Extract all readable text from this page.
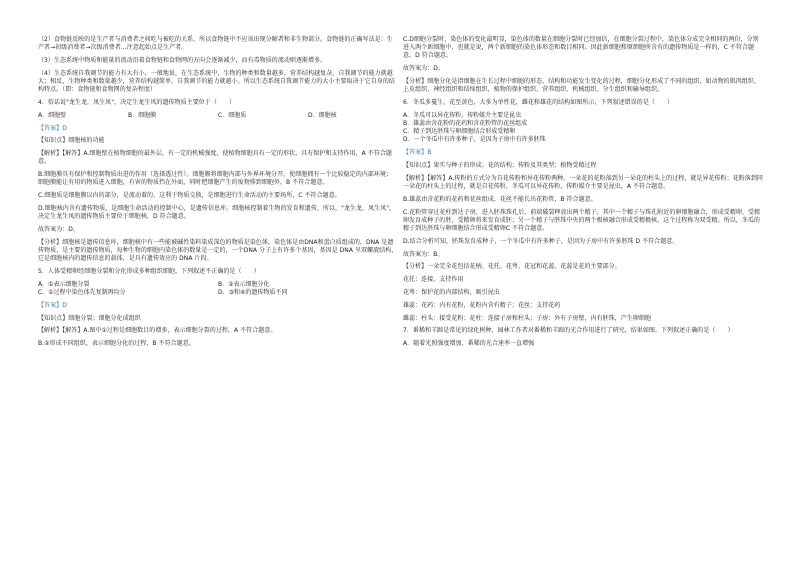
（2）食物链反映的是生产者与消费者之间吃与被吃的关系，所以食物链中不应该出现分解者和非生物部分。食物链的正确写法是：生产者→初级消费者→次级消费者…注意起始点是生产者。

（3）生态系统中物质和能量的流动沿着食物链和食物网的方向会逐渐减少，而有毒物质的流动则逐渐增多。

（4）生态系统自我调节的能力有大有小，一般地说，在生态系统中，生物的种类和数量越多，营养结构越复杂，自我调节的能力就越大；相反，生物种类和数量越少，营养结构越简单，自我调节的能力就越小。所以生态系统自我调节能力的大小主要取决于它自身的结构特点。（即：食物链和食物网的复杂程度）

4．俗话说"龙生龙，凤生凤"，决定生龙生凤的遗传物质主要位于（　　）

A．细胞壁	B．细胞膜	C．细胞质	D．细胞核

【答案】D

【知识点】细胞核的功能

【解析】【解答】A.细胞壁在植物细胞的最外层，有一定的机械强度，使植物细胞具有一定的形状，具有保护和支持作用，A 不符合题意。

B.细胞膜具有保护和控制物质出进的作用（选择透过性）。细胞膜将细胞内部与外界环境分开，使细胞拥有一个比较稳定的内部环境；细胞膜能让有用的物质进入细胞，有害的物质挡在外面，同时把细胞产生的废物排到细胞外，B 不符合题意。

C.细胞质是细胞膜以内的部分，是流动着的，这利于物质交换，是细胞进行生命活动的主要场所，C 不符合题意。

D.细胞核内含有遗传物质，是细胞生命活动的控制中心，是遗传信息库。细胞核控制着生物的发育和遗传，所以，"龙生龙，凤生凤"，决定生龙生凤的遗传物质主要位于细胞核，D 符合题意。

故答案为：D。

【分析】细胞核是遗传信息库，细胞核中有一些能被碱性染料染成深色的物质是染色体，染色体是由DNA和蛋白质组成的，DNA 是遗传物质，是主要的遗传物质，每种生物的细胞内染色体的数量是一定的，一个DNA 分子上有许多个基因，基因是 DNA 呈双螺旋结构，它是细胞核内的遗传信息的载体，是具有遗传效应的 DNA 片段。

5．人体受精卵经细胞分裂和分化形成多种组织细胞，下列叙述不正确的是（　　）

A．①表示细胞分裂	B．②表示细胞分化
C．①过程中染色体先复制再均分	D．③和④的遗传物质不同

【答案】D

【知识点】细胞分裂；细胞分化成组织

【解析】【解答】A.图中①过程是细胞数目的增多，表示细胞分裂的过程，A 不符合题意。

B.②形成不同组织，表示细胞分化的过程，B 不符合题意。

C.D细胞分裂时，染色体的变化最明显，染色体的数量在细胞分裂时已经加倍，在细胞分裂过程中，染色体分成完全相同的两份，分别进入两个新细胞中，也就是说，两个新细胞的染色体形态和数目相同。因此新细胞和原细胞所含有的遗传物质是一样的，C 不符合题意，D 符合题意。

故答案为：D。

【分析】细胞分化是指细胞在生长过程中细胞的形态、结构和功能发生变化的过程，细胞分化形成了不同的组织，如动物的肌肉组织、上皮组织、神经组织和结缔组织，植物的保护组织、营养组织、机械组织、分生组织和输导组织。

6．冬瓜多蔓生，花至黄色，大多为单性花，雌花和雄花的结构如图所示，下列叙述错误的是（　　）

A．冬瓜可以异花传粉，传粉媒介主要是昆虫
B．雄蕊由含花粉的花药和含花粉管的花丝组成
C．精子到达胚珠与卵细胞结合形成受精卵
D．一个冬瓜中有许多种子，是因为子房中有许多胚珠

【答案】B

【知识点】果实与种子的形成；花的结构；传粉及其类型；植物受精过程

【解析】【解答】A.传粉的方式分为自花传粉和异花传粉两种，一朵花的花粉落到另一朵花的柱头上的过程，就是异花传粉；花粉落到同一朵花的柱头上的过程，就是自花传粉，冬瓜可以异花传粉，传粉媒介主要是昆虫，A 不符合题意。

B.雄蕊由含花粉的花药和花丝组成，花丝不能长出花粉管，B 符合题意。

C.花粉管穿过花柱到达子房，进入胚珠珠孔后，前端破裂释放出两个精子，其中一个精子与珠孔附近的卵细胞融合，形成受精卵，受精卵发育成种子的胚，受精卵将来发育成胚；另一个精子与胚珠中央的两个极核融合形成受精极核，这个过程称为双受精。所以，冬瓜的精子到达胚珠与卵细胞结合形成受精卵C 不符合题意。

D.结合分析可知，胚珠发育成种子，一个冬瓜中有许多种子，是因为子房中有许多胚珠 D 不符合题意。

故答案为：B。

【分析】一朵完全花包括花柄、花托、花萼、花冠和花蕊，花蕊是花的主要部分。

花托：连接、支持作用

花萼：保护花的内部结构，吸引昆虫

雄蕊：花药：内有花粉，花粉内含有精子；花丝：支持花药

雌蕊：柱头：接受花粉；花柱：连接子房和柱头；子房：外有子房壁，内有胚珠，产生卵细胞

7．番稀和羊蹄是常见的绿化树种，园林工作者对番稀和羊蹄的光合作用进行了研究，结果如图。下列叙述正确的是（　　）

A．随着光照强度增加，番稀的光合速率一直增强
